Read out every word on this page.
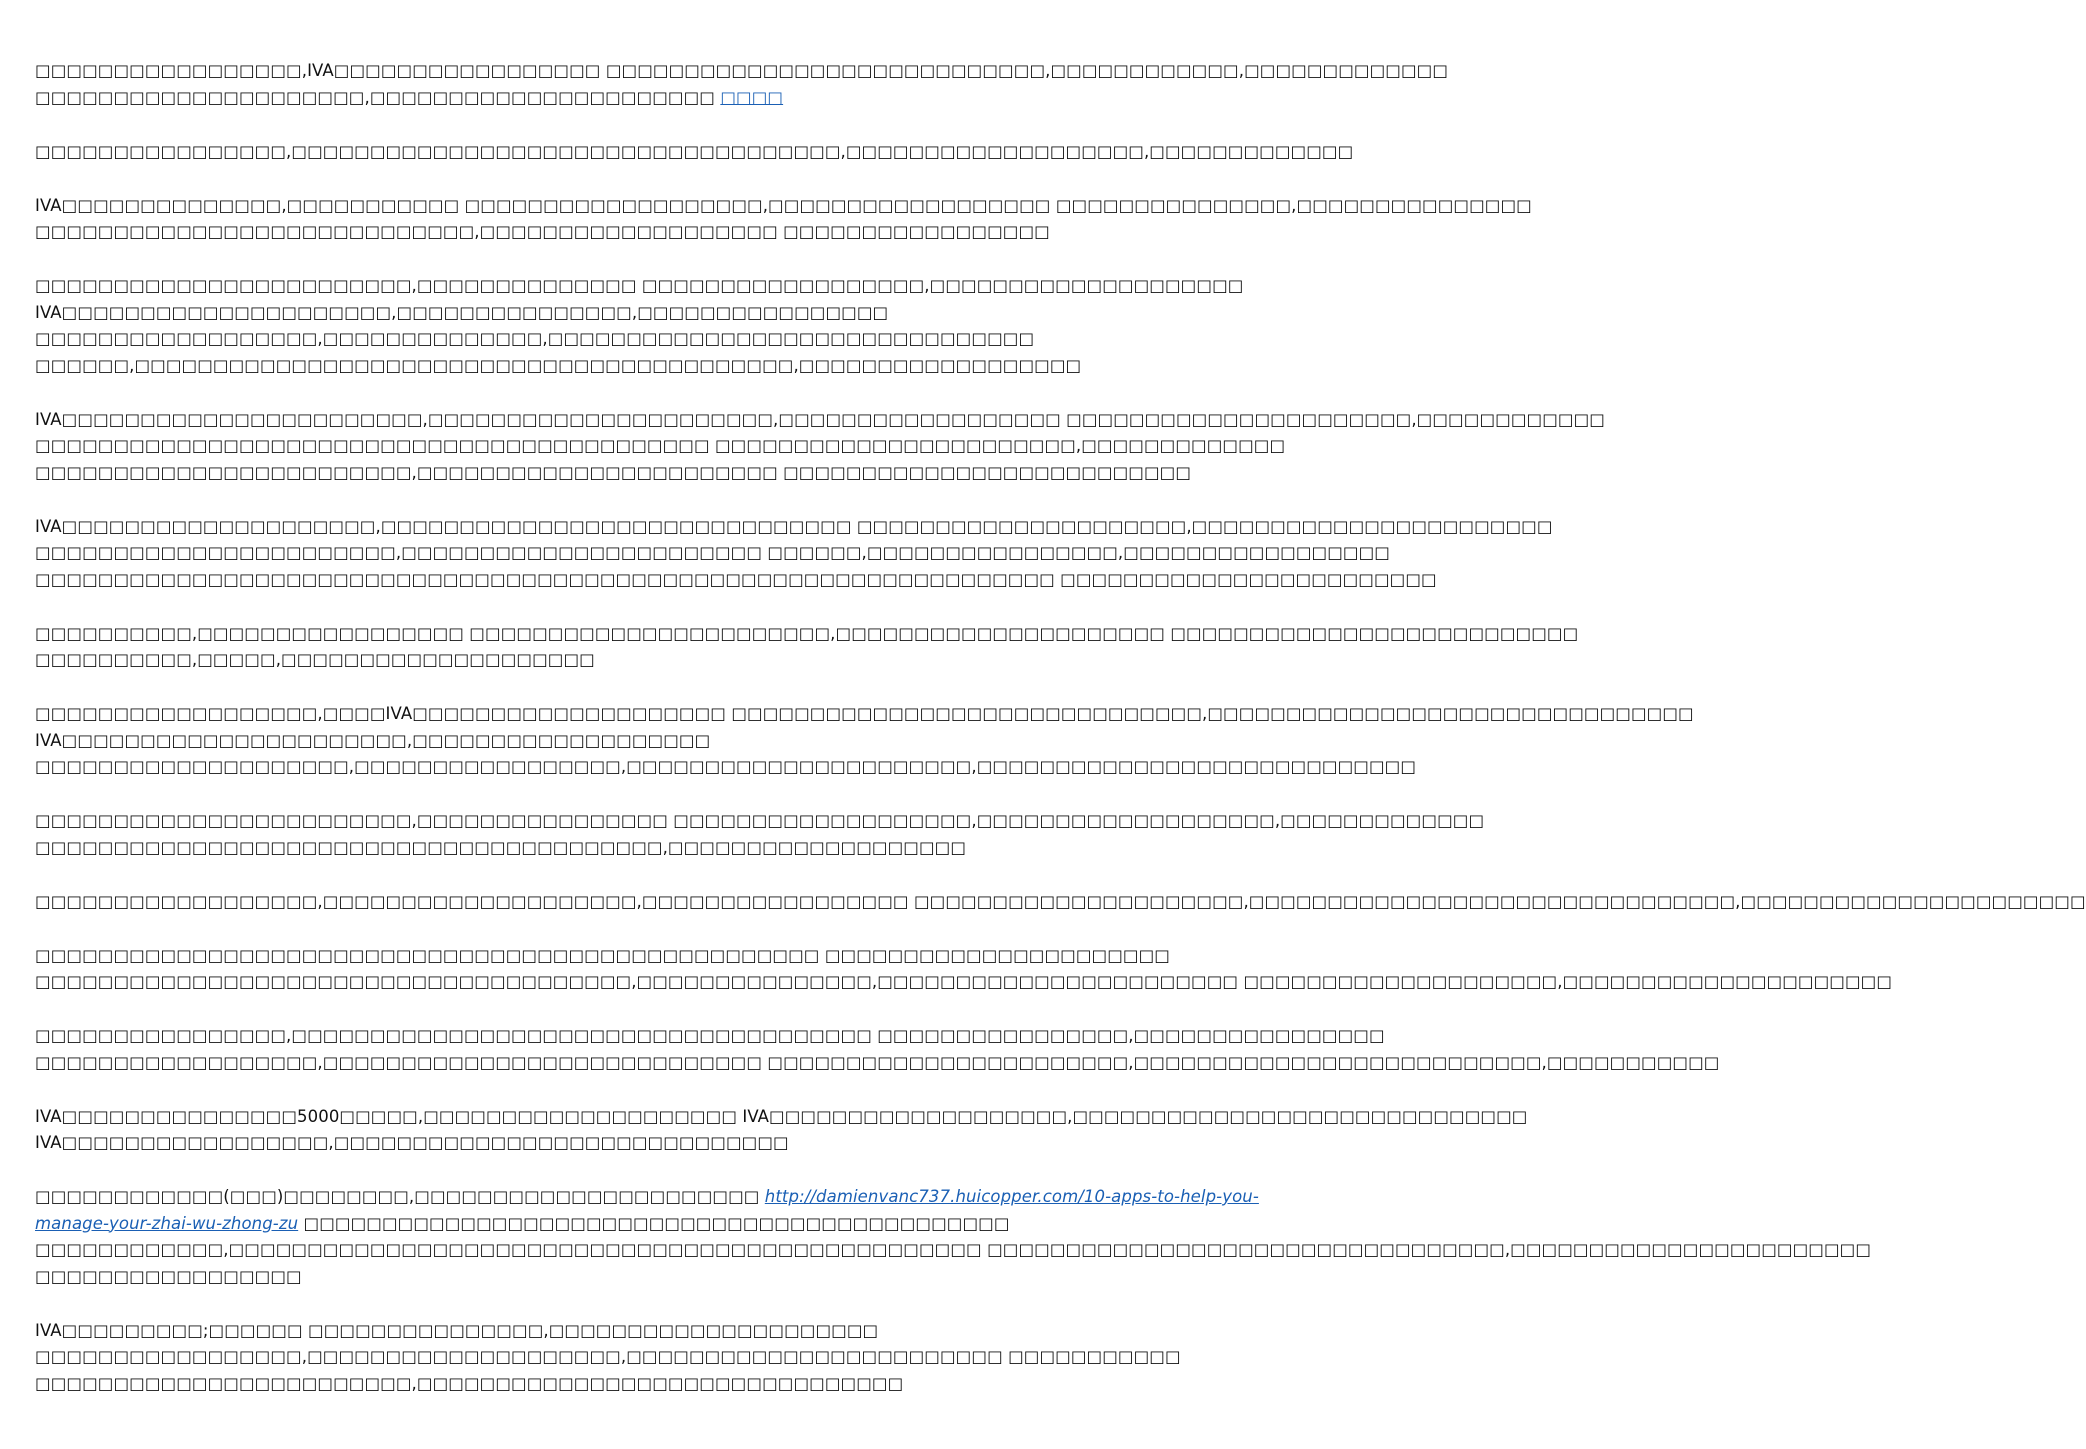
□□□□□□□□□□□□□□□□□,IVA□□□□□□□□□□□□□□□□□ □□□□□□□□□□□□□□□□□□□□□□□□□□□□,□□□□□□□□□□□□,□□□□□□□□□□□□□
□□□□□□□□□□□□□□□□□□□□□,□□□□□□□□□□□□□□□□□□□□□□ □□□□
□□□□□□□□□□□□□□□□,□□□□□□□□□□□□□□□□□□□□□□□□□□□□□□□□□□□,□□□□□□□□□□□□□□□□□□□,□□□□□□□□□□□□□
IVA□□□□□□□□□□□□□□,□□□□□□□□□□□ □□□□□□□□□□□□□□□□□□□,□□□□□□□□□□□□□□□□□□ □□□□□□□□□□□□□□□,□□□□□□□□□□□□□□□
□□□□□□□□□□□□□□□□□□□□□□□□□□□□,□□□□□□□□□□□□□□□□□□□ □□□□□□□□□□□□□□□□□
□□□□□□□□□□□□□□□□□□□□□□□□,□□□□□□□□□□□□□□ □□□□□□□□□□□□□□□□□□,□□□□□□□□□□□□□□□□□□□□
IVA□□□□□□□□□□□□□□□□□□□□□,□□□□□□□□□□□□□□□,□□□□□□□□□□□□□□□□
□□□□□□□□□□□□□□□□□□,□□□□□□□□□□□□□□,□□□□□□□□□□□□□□□□□□□□□□□□□□□□□□□
□□□□□□,□□□□□□□□□□□□□□□□□□□□□□□□□□□□□□□□□□□□□□□□□□,□□□□□□□□□□□□□□□□□□
IVA□□□□□□□□□□□□□□□□□□□□□□□,□□□□□□□□□□□□□□□□□□□□□□,□□□□□□□□□□□□□□□□□□ □□□□□□□□□□□□□□□□□□□□□□,□□□□□□□□□□□□
□□□□□□□□□□□□□□□□□□□□□□□□□□□□□□□□□□□□□□□□□□□ □□□□□□□□□□□□□□□□□□□□□□□,□□□□□□□□□□□□□
□□□□□□□□□□□□□□□□□□□□□□□□,□□□□□□□□□□□□□□□□□□□□□□□ □□□□□□□□□□□□□□□□□□□□□□□□□□
IVA□□□□□□□□□□□□□□□□□□□□,□□□□□□□□□□□□□□□□□□□□□□□□□□□□□□ □□□□□□□□□□□□□□□□□□□□□,□□□□□□□□□□□□□□□□□□□□□□□
□□□□□□□□□□□□□□□□□□□□□□□,□□□□□□□□□□□□□□□□□□□□□□□ □□□□□□,□□□□□□□□□□□□□□□□,□□□□□□□□□□□□□□□□□
□□□□□□□□□□□□□□□□□□□□□□□□□□□□□□□□□□□□□□□□□□□□□□□□□□□□□□□□□□□□□□□□□ □□□□□□□□□□□□□□□□□□□□□□□□
□□□□□□□□□□,□□□□□□□□□□□□□□□□□ □□□□□□□□□□□□□□□□□□□□□□□,□□□□□□□□□□□□□□□□□□□□□ □□□□□□□□□□□□□□□□□□□□□□□□□□
□□□□□□□□□□,□□□□□,□□□□□□□□□□□□□□□□□□□□
□□□□□□□□□□□□□□□□□□,□□□□IVA□□□□□□□□□□□□□□□□□□□□ □□□□□□□□□□□□□□□□□□□□□□□□□□□□□□,□□□□□□□□□□□□□□□□□□□□□□□□□□□□□□□
IVA□□□□□□□□□□□□□□□□□□□□□□,□□□□□□□□□□□□□□□□□□□
□□□□□□□□□□□□□□□□□□□□,□□□□□□□□□□□□□□□□□,□□□□□□□□□□□□□□□□□□□□□□,□□□□□□□□□□□□□□□□□□□□□□□□□□□□
□□□□□□□□□□□□□□□□□□□□□□□□,□□□□□□□□□□□□□□□□ □□□□□□□□□□□□□□□□□□□,□□□□□□□□□□□□□□□□□□□,□□□□□□□□□□□□□
□□□□□□□□□□□□□□□□□□□□□□□□□□□□□□□□□□□□□□□□,□□□□□□□□□□□□□□□□□□□
□□□□□□□□□□□□□□□□□□,□□□□□□□□□□□□□□□□□□□□,□□□□□□□□□□□□□□□□□ □□□□□□□□□□□□□□□□□□□□□,□□□□□□□□□□□□□□□□□□□□□□□□□□□□□□□,□□□□□□□□□□□□□□□□□□□□□□
□□□□□□□□□□□□□□□□□□□□□□□□□□□□□□□□□□□□□□□□□□□□□□□□□□ □□□□□□□□□□□□□□□□□□□□□□
□□□□□□□□□□□□□□□□□□□□□□□□□□□□□□□□□□□□□□,□□□□□□□□□□□□□□□,□□□□□□□□□□□□□□□□□□□□□□□ □□□□□□□□□□□□□□□□□□□□,□□□□□□□□□□□□□□□□□□□□□
□□□□□□□□□□□□□□□□,□□□□□□□□□□□□□□□□□□□□□□□□□□□□□□□□□□□□□ □□□□□□□□□□□□□□□□,□□□□□□□□□□□□□□□□
□□□□□□□□□□□□□□□□□□,□□□□□□□□□□□□□□□□□□□□□□□□□□□□ □□□□□□□□□□□□□□□□□□□□□□□,□□□□□□□□□□□□□□□□□□□□□□□□□□,□□□□□□□□□□□
IVA□□□□□□□□□□□□□□□5000□□□□□,□□□□□□□□□□□□□□□□□□□□ IVA□□□□□□□□□□□□□□□□□□□,□□□□□□□□□□□□□□□□□□□□□□□□□□□□□
IVA□□□□□□□□□□□□□□□□□,□□□□□□□□□□□□□□□□□□□□□□□□□□□□□
□□□□□□□□□□□□(□□□)□□□□□□□□,□□□□□□□□□□□□□□□□□□□□□□ http://damienvanc737.huicopper.com/10-apps-to-help-you-
manage-your-zhai-wu-zhong-zu □□□□□□□□□□□□□□□□□□□□□□□□□□□□□□□□□□□□□□□□□□□□□
□□□□□□□□□□□□,□□□□□□□□□□□□□□□□□□□□□□□□□□□□□□□□□□□□□□□□□□□□□□□□ □□□□□□□□□□□□□□□□□□□□□□□□□□□□□□□□□,□□□□□□□□□□□□□□□□□□□□□□□
□□□□□□□□□□□□□□□□□
IVA□□□□□□□□□;□□□□□□ □□□□□□□□□□□□□□□,□□□□□□□□□□□□□□□□□□□□□
□□□□□□□□□□□□□□□□□,□□□□□□□□□□□□□□□□□□□□,□□□□□□□□□□□□□□□□□□□□□□□□ □□□□□□□□□□□
□□□□□□□□□□□□□□□□□□□□□□□□,□□□□□□□□□□□□□□□□□□□□□□□□□□□□□□□
